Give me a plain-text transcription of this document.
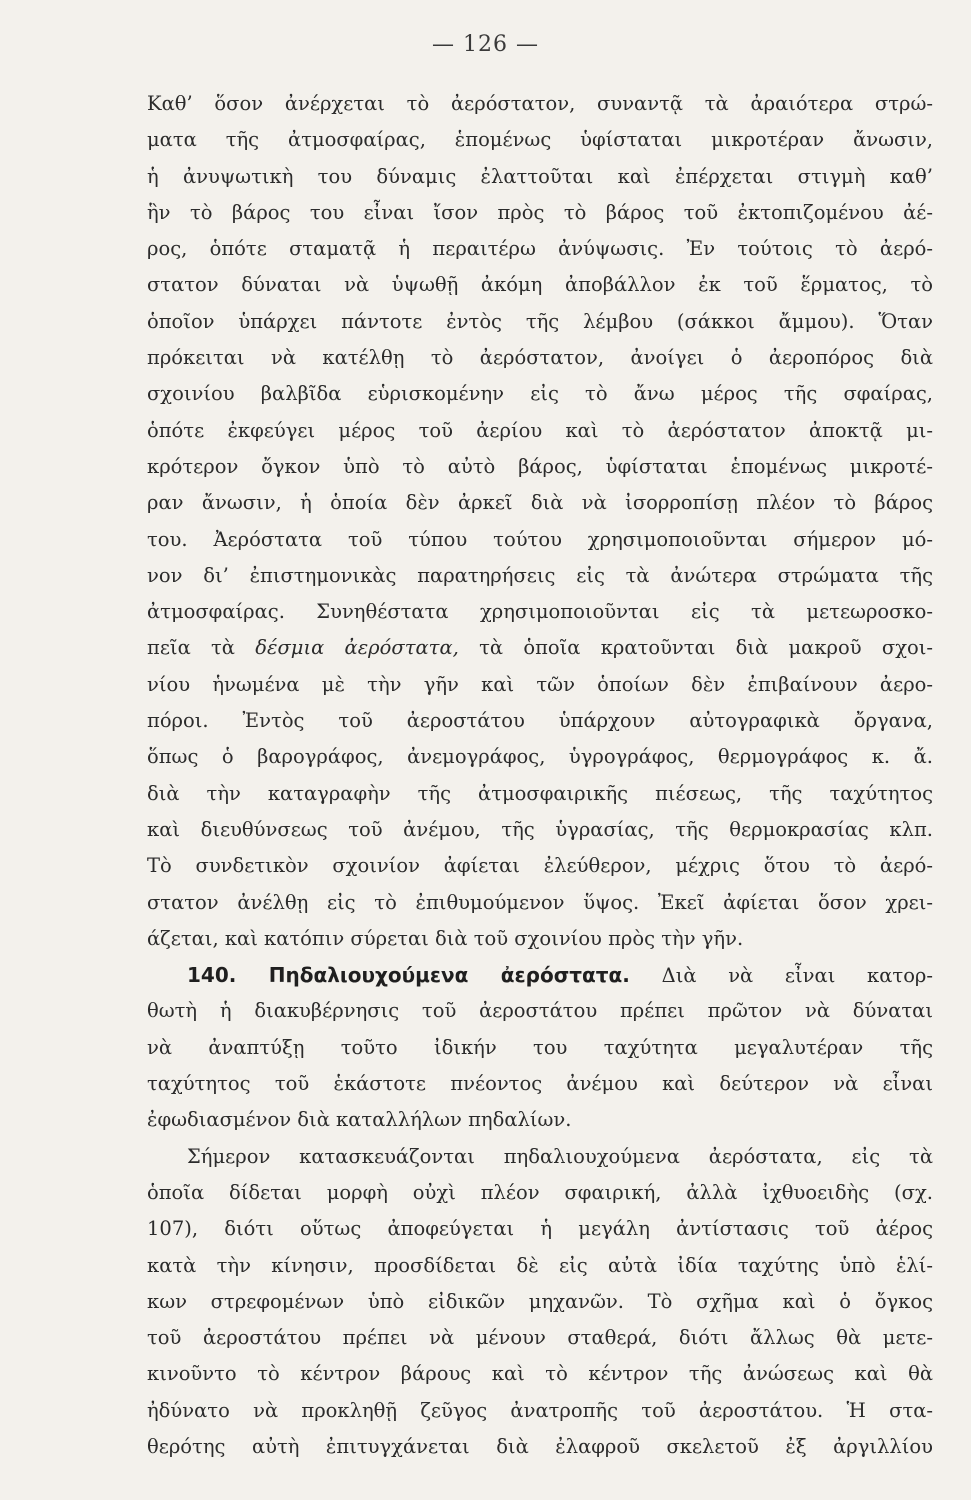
— 126 —
Καθ’ ὅσον ἀνέρχεται τὸ ἀερόστατον, συναντᾷ τὰ ἀραιότερα στρώ-
ματα τῆς ἀτμοσφαίρας, ἑπομένως ὑφίσταται μικροτέραν ἄνωσιν,
ἡ ἀνυψωτικὴ του δύναμις ἐλαττοῦται καὶ ἐπέρχεται στιγμὴ καθ’
ἣν τὸ βάρος του εἶναι ἴσον πρὸς τὸ βάρος τοῦ ἐκτοπιζομένου ἀέ-
ρος, ὁπότε σταματᾷ ἡ περαιτέρω ἀνύψωσις. Ἐν τούτοις τὸ ἀερό-
στατον δύναται νὰ ὑψωθῇ ἀκόμη ἀποβάλλον ἐκ τοῦ ἕρματος, τὸ
ὁποῖον ὑπάρχει πάντοτε ἐντὸς τῆς λέμβου (σάκκοι ἄμμου). Ὅταν
πρόκειται νὰ κατέλθῃ τὸ ἀερόστατον, ἀνοίγει ὁ ἀεροπόρος διὰ
σχοινίου βαλβῖδα εὑρισκομένην εἰς τὸ ἄνω μέρος τῆς σφαίρας,
ὁπότε ἐκφεύγει μέρος τοῦ ἀερίου καὶ τὸ ἀερόστατον ἀποκτᾷ μι-
κρότερον ὄγκον ὑπὸ τὸ αὐτὸ βάρος, ὑφίσταται ἑπομένως μικροτέ-
ραν ἄνωσιν, ἡ ὁποία δὲν ἀρκεῖ διὰ νὰ ἰσορροπίσῃ πλέον τὸ βάρος
του. Ἀερόστατα τοῦ τύπου τούτου χρησιμοποιοῦνται σήμερον μό-
νον δι’ ἐπιστημονικὰς παρατηρήσεις εἰς τὰ ἀνώτερα στρώματα τῆς
ἀτμοσφαίρας. Συνηθέστατα χρησιμοποιοῦνται εἰς τὰ μετεωροσκο-
πεῖα τὰ δέσμια ἀερόστατα, τὰ ὁποῖα κρατοῦνται διὰ μακροῦ σχοι-
νίου ἡνωμένα μὲ τὴν γῆν καὶ τῶν ὁποίων δὲν ἐπιβαίνουν ἀερο-
πόροι. Ἐντὸς τοῦ ἀεροστάτου ὑπάρχουν αὐτογραφικὰ ὄργανα,
ὅπως ὁ βαρογράφος, ἀνεμογράφος, ὑγρογράφος, θερμογράφος κ. ἄ.
διὰ τὴν καταγραφὴν τῆς ἀτμοσφαιρικῆς πιέσεως, τῆς ταχύτητος
καὶ διευθύνσεως τοῦ ἀνέμου, τῆς ὑγρασίας, τῆς θερμοκρασίας κλπ.
Τὸ συνδετικὸν σχοινίον ἀφίεται ἐλεύθερον, μέχρις ὅτου τὸ ἀερό-
στατον ἀνέλθῃ εἰς τὸ ἐπιθυμούμενον ὕψος. Ἐκεῖ ἀφίεται ὅσον χρει-
άζεται, καὶ κατόπιν σύρεται διὰ τοῦ σχοινίου πρὸς τὴν γῆν.
140. Πηδαλιουχούμενα ἀερόστατα. Διὰ νὰ εἶναι κατορ-
θωτὴ ἡ διακυβέρνησις τοῦ ἀεροστάτου πρέπει πρῶτον νὰ δύναται
νὰ ἀναπτύξῃ τοῦτο ἰδικήν του ταχύτητα μεγαλυτέραν τῆς
ταχύτητος τοῦ ἑκάστοτε πνέοντος ἀνέμου καὶ δεύτερον νὰ εἶναι
ἐφωδιασμένον διὰ καταλλήλων πηδαλίων.
Σήμερον κατασκευάζονται πηδαλιουχούμενα ἀερόστατα, εἰς τὰ
ὁποῖα δίδεται μορφὴ οὐχὶ πλέον σφαιρική, ἀλλὰ ἰχθυοειδὴς (σχ.
107), διότι οὕτως ἀποφεύγεται ἡ μεγάλη ἀντίστασις τοῦ ἀέρος
κατὰ τὴν κίνησιν, προσδίδεται δὲ εἰς αὐτὰ ἰδία ταχύτης ὑπὸ ἑλί-
κων στρεφομένων ὑπὸ εἰδικῶν μηχανῶν. Τὸ σχῆμα καὶ ὁ ὄγκος
τοῦ ἀεροστάτου πρέπει νὰ μένουν σταθερά, διότι ἄλλως θὰ μετε-
κινοῦντο τὸ κέντρον βάρους καὶ τὸ κέντρον τῆς ἀνώσεως καὶ θὰ
ἠδύνατο νὰ προκληθῇ ζεῦγος ἀνατροπῆς τοῦ ἀεροστάτου. Ἡ στα-
θερότης αὐτὴ ἐπιτυγχάνεται διὰ ἐλαφροῦ σκελετοῦ ἐξ ἀργιλλίου
